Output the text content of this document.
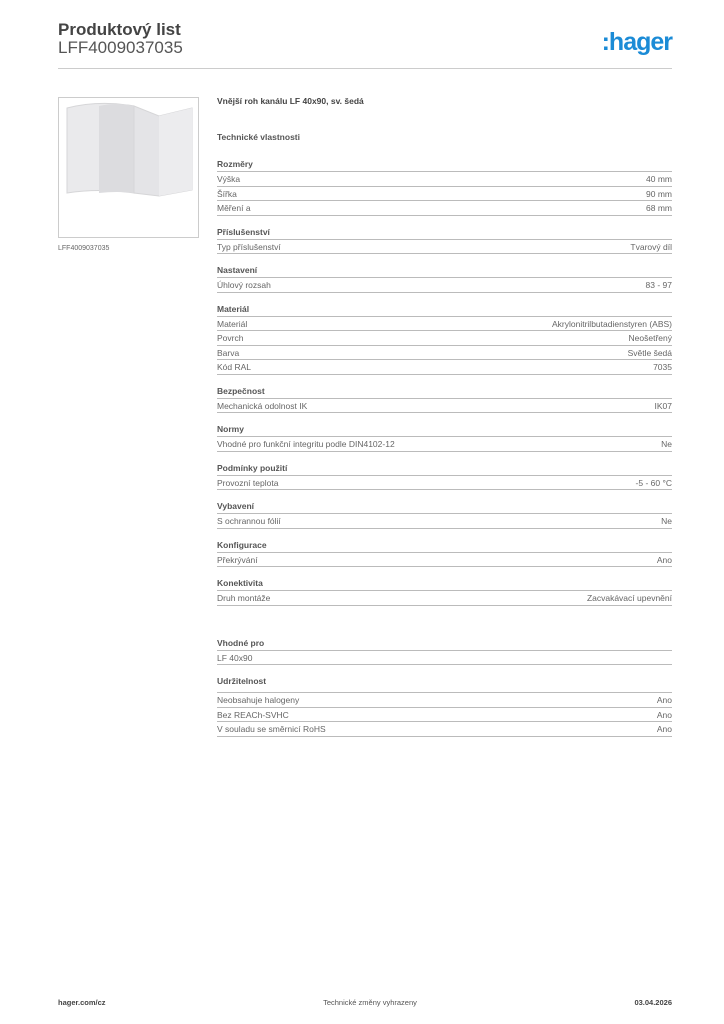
Produktový list
LFF4009037035	:hager
LFF4009037035
Vnější roh kanálu LF 40x90, sv. šedá
Technické vlastnosti
Rozměry
Výška	40 mm
Šířka	90 mm
Měření a	68 mm
Příslušenství
Typ příslušenství	Tvarový díl
Nastavení
Úhlový rozsah	83 - 97
Materiál
Materiál	Akrylonitrilbutadienstyren (ABS)
Povrch	Neošetřený
Barva	Světle šedá
Kód RAL	7035
Bezpečnost
Mechanická odolnost IK	IK07
Normy
Vhodné pro funkční integritu podle DIN4102-12	Ne
Podmínky použití
Provozní teplota	-5 - 60 °C
Vybavení
S ochrannou fólií	Ne
Konfigurace
Překrývání	Ano
Konektivita
Druh montáže	Zacvakávací upevnění
Vhodné pro
LF 40x90
Udržitelnost
Neobsahuje halogeny	Ano
Bez REACh-SVHC	Ano
V souladu se směrnicí RoHS	Ano
hager.com/cz	Technické změny vyhrazeny	03.04.2026
